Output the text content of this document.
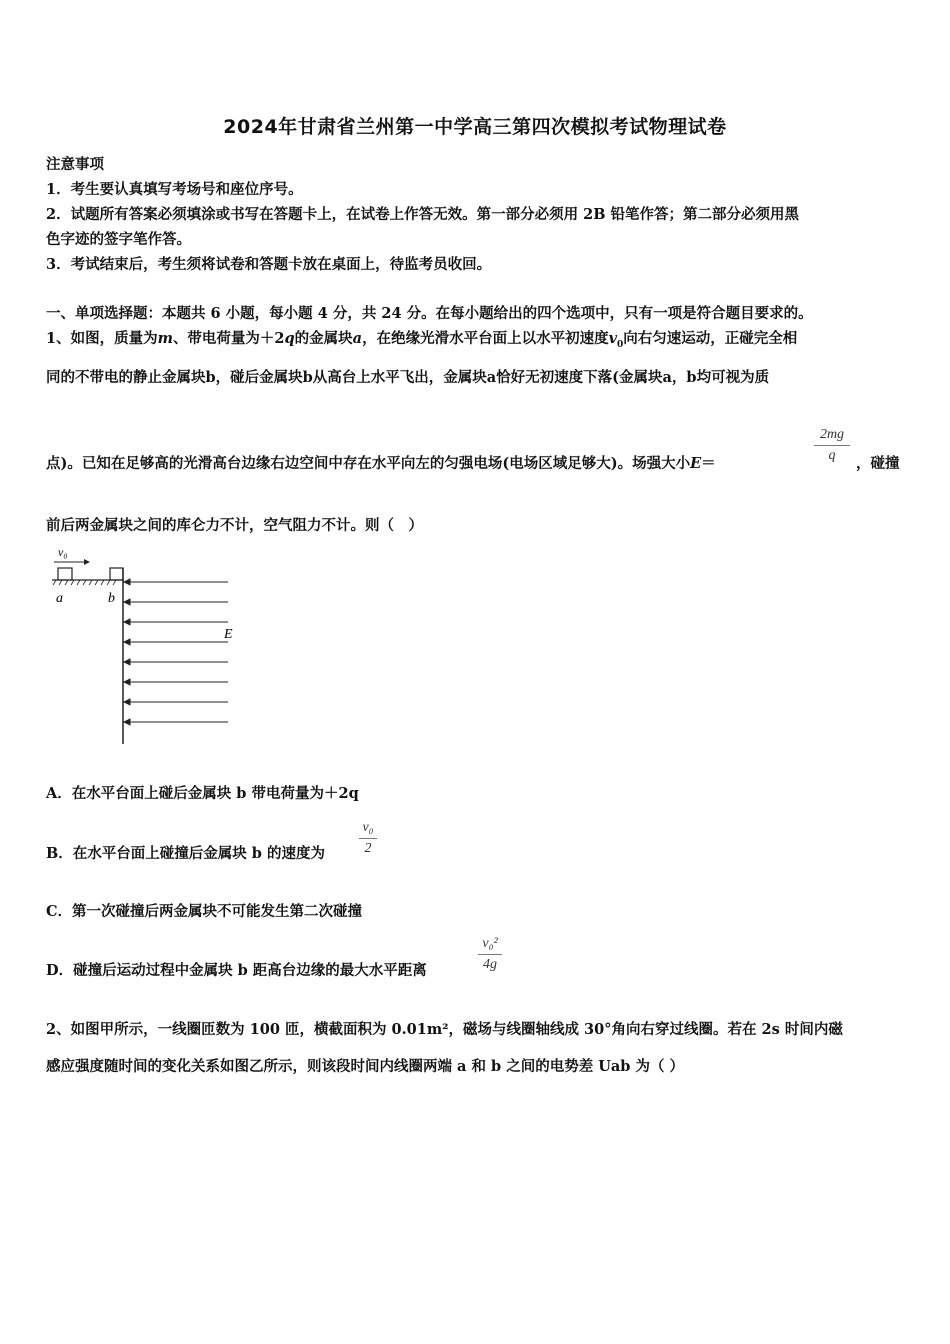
2024年甘肃省兰州第一中学高三第四次模拟考试物理试卷
注意事项
1．考生要认真填写考场号和座位序号。
2．试题所有答案必须填涂或书写在答题卡上，在试卷上作答无效。第一部分必须用 2B 铅笔作答；第二部分必须用黑
色字迹的签字笔作答。
3．考试结束后，考生须将试卷和答题卡放在桌面上，待监考员收回。
一、单项选择题：本题共 6 小题，每小题 4 分，共 24 分。在每小题给出的四个选项中，只有一项是符合题目要求的。
1、如图，质量为m、带电荷量为＋2q的金属块a，在绝缘光滑水平台面上以水平初速度$v_0$向右匀速运动，正碰完全相
同的不带电的静止金属块b，碰后金属块b从高台上水平飞出，金属块a恰好无初速度下落(金属块a，b均可视为质
点)。已知在足够高的光滑高台边缘右边空间中存在水平向左的匀强电场(电场区域足够大)。场强大小E＝
2mg
q	，碰撞
前后两金属块之间的库仑力不计，空气阻力不计。则（　）
v₀
a	b
E
A．在水平台面上碰后金属块 b 带电荷量为＋2q
B．在水平台面上碰撞后金属块 b 的速度为
v₀
2
C．第一次碰撞后两金属块不可能发生第二次碰撞
D．碰撞后运动过程中金属块 b 距高台边缘的最大水平距离
v₀²
4g
2、如图甲所示，一线圈匝数为 100 匝，横截面积为 0.01m²，磁场与线圈轴线成 30°角向右穿过线圈。若在 2s 时间内磁
感应强度随时间的变化关系如图乙所示，则该段时间内线圈两端 a 和 b 之间的电势差 Uab 为（ ）
